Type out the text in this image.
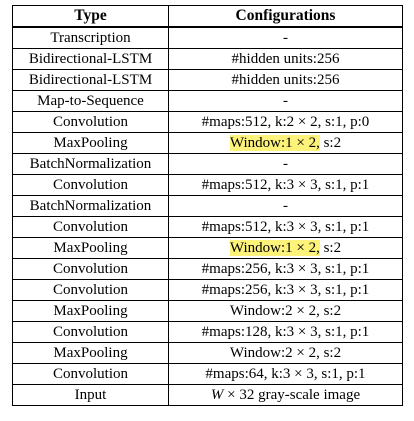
Type	Configurations
Transcription	-
Bidirectional-LSTM	#hidden units:256
Bidirectional-LSTM	#hidden units:256
Map-to-Sequence	-
Convolution	#maps:512, k:2 × 2, s:1, p:0
MaxPooling	Window:1 × 2, s:2
BatchNormalization	-
Convolution	#maps:512, k:3 × 3, s:1, p:1
BatchNormalization	-
Convolution	#maps:512, k:3 × 3, s:1, p:1
MaxPooling	Window:1 × 2, s:2
Convolution	#maps:256, k:3 × 3, s:1, p:1
Convolution	#maps:256, k:3 × 3, s:1, p:1
MaxPooling	Window:2 × 2, s:2
Convolution	#maps:128, k:3 × 3, s:1, p:1
MaxPooling	Window:2 × 2, s:2
Convolution	#maps:64, k:3 × 3, s:1, p:1
Input	W × 32 gray-scale image
